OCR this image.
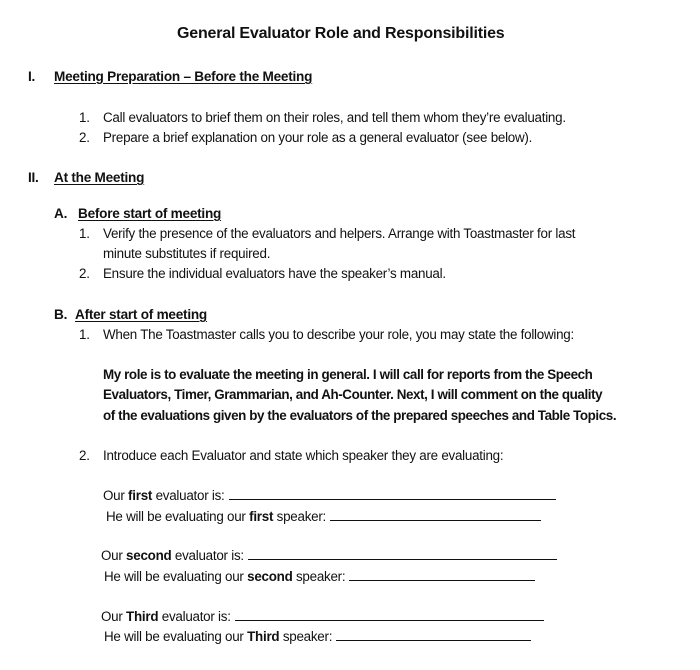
General Evaluator Role and Responsibilities
I. Meeting Preparation – Before the Meeting
1. Call evaluators to brief them on their roles, and tell them whom they’re evaluating.
2. Prepare a brief explanation on your role as a general evaluator (see below).
II. At the Meeting
A. Before start of meeting
1. Verify the presence of the evaluators and helpers. Arrange with Toastmaster for last
minute substitutes if required.
2. Ensure the individual evaluators have the speaker’s manual.
B. After start of meeting
1. When The Toastmaster calls you to describe your role, you may state the following:
My role is to evaluate the meeting in general. I will call for reports from the Speech
Evaluators, Timer, Grammarian, and Ah-Counter. Next, I will comment on the quality
of the evaluations given by the evaluators of the prepared speeches and Table Topics.
2. Introduce each Evaluator and state which speaker they are evaluating:
Our first evaluator is:
He will be evaluating our first speaker:
Our second evaluator is:
He will be evaluating our second speaker:
Our Third evaluator is:
He will be evaluating our Third speaker:
